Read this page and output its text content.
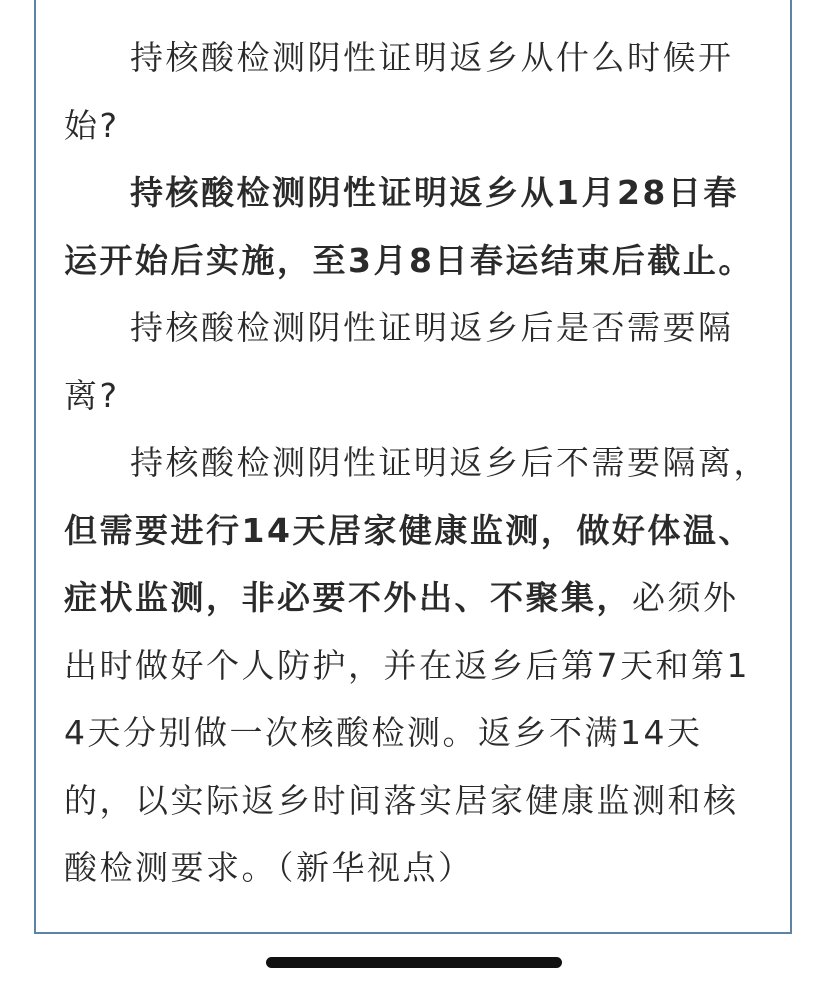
持核酸检测阴性证明返乡从什么时候开始?

持核酸检测阴性证明返乡从1月28日春运开始后实施，至3月8日春运结束后截止。

持核酸检测阴性证明返乡后是否需要隔离?

持核酸检测阴性证明返乡后不需要隔离，但需要进行14天居家健康监测，做好体温、症状监测，非必要不外出、不聚集，必须外出时做好个人防护，并在返乡后第7天和第14天分别做一次核酸检测。返乡不满14天的，以实际返乡时间落实居家健康监测和核酸检测要求。（新华视点）
